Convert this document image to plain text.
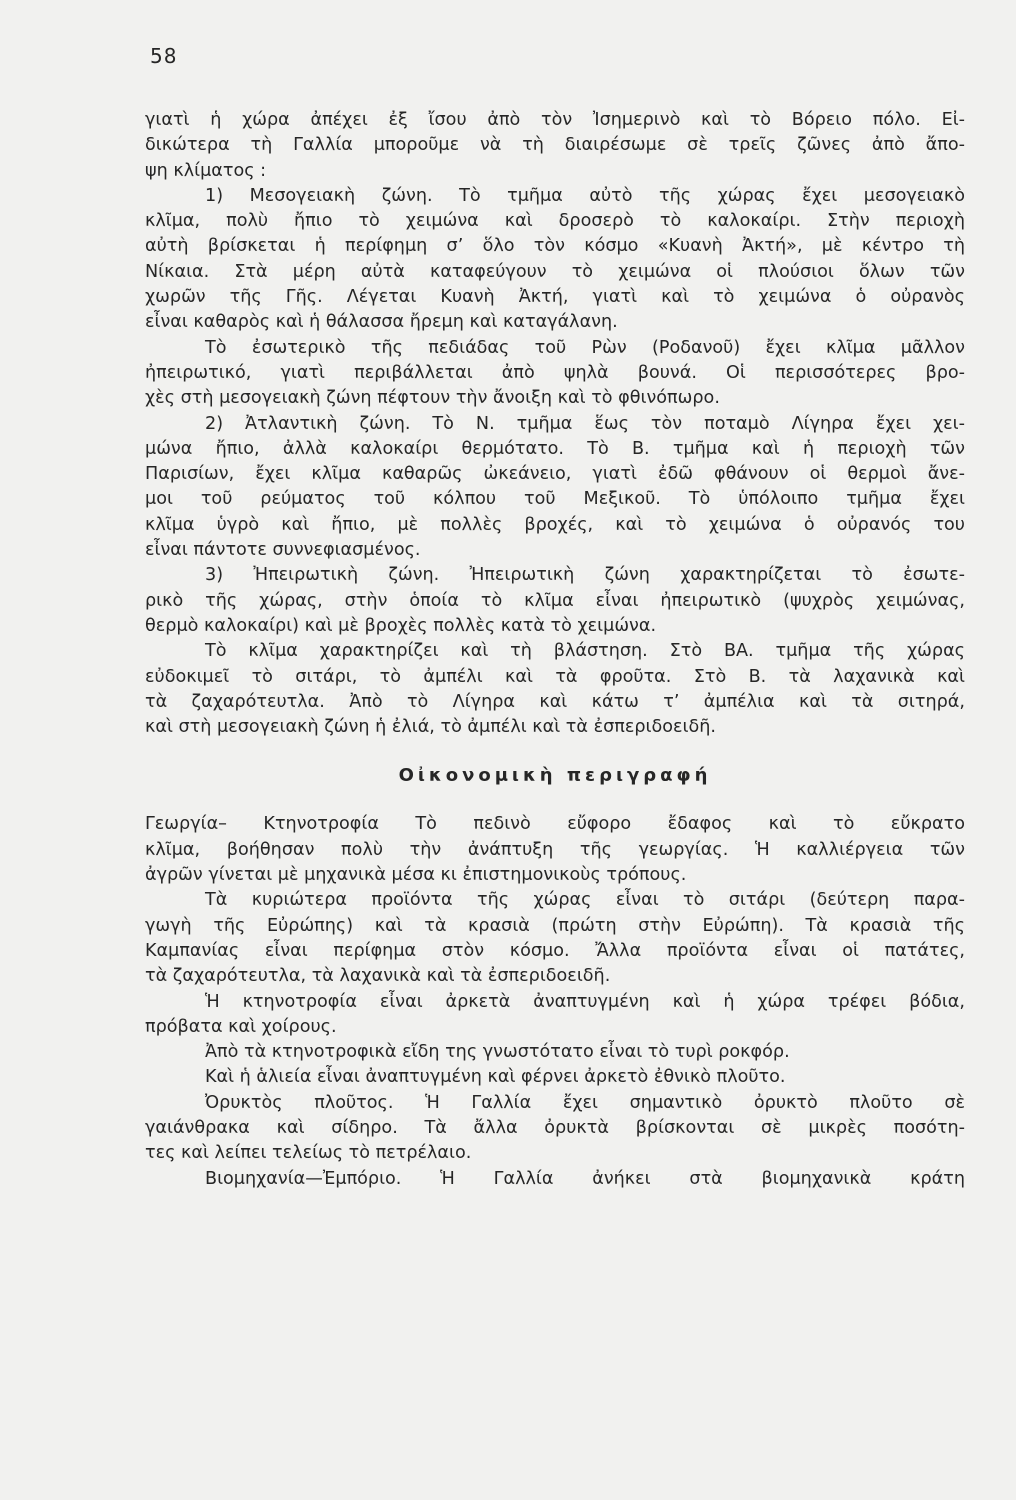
58
γιατὶ ἡ χώρα ἀπέχει ἐξ ἴσου ἀπὸ τὸν Ἰσημερινὸ καὶ τὸ Βόρειο πόλο. Εἰ-
δικώτερα τὴ Γαλλία μποροῦμε νὰ τὴ διαιρέσωμε σὲ τρεῖς ζῶνες ἀπὸ ἄπο-
ψη κλίματος :
1) Μεσογειακὴ ζώνη. Τὸ τμῆμα αὐτὸ τῆς χώρας ἔχει μεσογειακὸ
κλῖμα, πολὺ ἤπιο τὸ χειμώνα καὶ δροσερὸ τὸ καλοκαίρι. Στὴν περιοχὴ
αὐτὴ βρίσκεται ἡ περίφημη σ’ ὅλο τὸν κόσμο «Κυανὴ Ἀκτή», μὲ κέντρο τὴ
Νίκαια. Στὰ μέρη αὐτὰ καταφεύγουν τὸ χειμώνα οἱ πλούσιοι ὅλων τῶν
χωρῶν τῆς Γῆς. Λέγεται Κυανὴ Ἀκτή, γιατὶ καὶ τὸ χειμώνα ὁ οὐρανὸς
εἶναι καθαρὸς καὶ ἡ θάλασσα ἤρεμη καὶ καταγάλανη.
Τὸ ἐσωτερικὸ τῆς πεδιάδας τοῦ Ρὼν (Ροδανοῦ) ἔχει κλῖμα μᾶλλον
ἠπειρωτικό, γιατὶ περιβάλλεται ἀπὸ ψηλὰ βουνά. Οἱ περισσότερες βρο-
χὲς στὴ μεσογειακὴ ζώνη πέφτουν τὴν ἄνοιξη καὶ τὸ φθινόπωρο.
2) Ἀτλαντικὴ ζώνη. Τὸ Ν. τμῆμα ἕως τὸν ποταμὸ Λίγηρα ἔχει χει-
μώνα ἤπιο, ἀλλὰ καλοκαίρι θερμότατο. Τὸ Β. τμῆμα καὶ ἡ περιοχὴ τῶν
Παρισίων, ἔχει κλῖμα καθαρῶς ὠκεάνειο, γιατὶ ἐδῶ φθάνουν οἱ θερμοὶ ἄνε-
μοι τοῦ ρεύματος τοῦ κόλπου τοῦ Μεξικοῦ. Τὸ ὑπόλοιπο τμῆμα ἔχει
κλῖμα ὑγρὸ καὶ ἤπιο, μὲ πολλὲς βροχές, καὶ τὸ χειμώνα ὁ οὐρανός του
εἶναι πάντοτε συννεφιασμένος.
3) Ἠπειρωτικὴ ζώνη. Ἠπειρωτικὴ ζώνη χαρακτηρίζεται τὸ ἐσωτε-
ρικὸ τῆς χώρας, στὴν ὁποία τὸ κλῖμα εἶναι ἠπειρωτικὸ (ψυχρὸς χειμώνας,
θερμὸ καλοκαίρι) καὶ μὲ βροχὲς πολλὲς κατὰ τὸ χειμώνα.
Τὸ κλῖμα χαρακτηρίζει καὶ τὴ βλάστηση. Στὸ ΒΑ. τμῆμα τῆς χώρας
εὐδοκιμεῖ τὸ σιτάρι, τὸ ἀμπέλι καὶ τὰ φροῦτα. Στὸ Β. τὰ λαχανικὰ καὶ
τὰ ζαχαρότευτλα. Ἀπὸ τὸ Λίγηρα καὶ κάτω τ’ ἀμπέλια καὶ τὰ σιτηρά,
καὶ στὴ μεσογειακὴ ζώνη ἡ ἐλιά, τὸ ἀμπέλι καὶ τὰ ἐσπεριδοειδῆ.
Οἰκονομικὴ περιγραφή
Γεωργία– Κτηνοτροφία Τὸ πεδινὸ εὔφορο ἔδαφος καὶ τὸ εὔκρατο
κλῖμα, βοήθησαν πολὺ τὴν ἀνάπτυξη τῆς γεωργίας. Ἡ καλλιέργεια τῶν
ἀγρῶν γίνεται μὲ μηχανικὰ μέσα κι ἐπιστημονικοὺς τρόπους.
Τὰ κυριώτερα προϊόντα τῆς χώρας εἶναι τὸ σιτάρι (δεύτερη παρα-
γωγὴ τῆς Εὐρώπης) καὶ τὰ κρασιὰ (πρώτη στὴν Εὐρώπη). Τὰ κρασιὰ τῆς
Καμπανίας εἶναι περίφημα στὸν κόσμο. Ἄλλα προϊόντα εἶναι οἱ πατάτες,
τὰ ζαχαρότευτλα, τὰ λαχανικὰ καὶ τὰ ἐσπεριδοειδῆ.
Ἡ κτηνοτροφία εἶναι ἀρκετὰ ἀναπτυγμένη καὶ ἡ χώρα τρέφει βόδια,
πρόβατα καὶ χοίρους.
Ἀπὸ τὰ κτηνοτροφικὰ εἴδη της γνωστότατο εἶναι τὸ τυρὶ ροκφόρ.
Καὶ ἡ ἁλιεία εἶναι ἀναπτυγμένη καὶ φέρνει ἀρκετὸ ἐθνικὸ πλοῦτο.
Ὀρυκτὸς πλοῦτος. Ἡ Γαλλία ἔχει σημαντικὸ ὀρυκτὸ πλοῦτο σὲ
γαιάνθρακα καὶ σίδηρο. Τὰ ἄλλα ὀρυκτὰ βρίσκονται σὲ μικρὲς ποσότη-
τες καὶ λείπει τελείως τὸ πετρέλαιο.
Βιομηχανία—Ἐμπόριο. Ἡ Γαλλία ἀνήκει στὰ βιομηχανικὰ κράτη
